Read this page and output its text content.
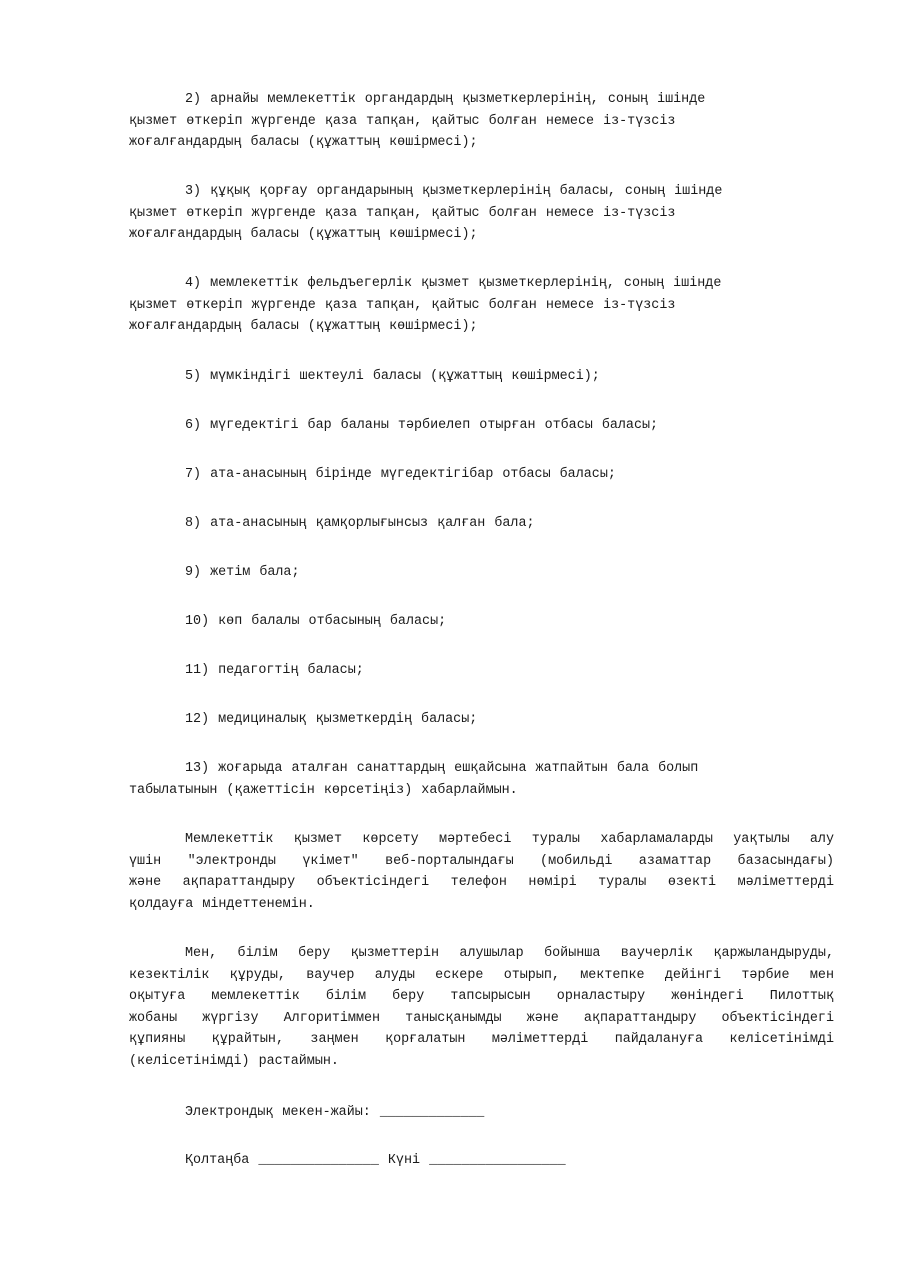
2) арнайы мемлекеттік органдардың қызметкерлерінің, соның ішінде
қызмет өткеріп жүргенде қаза тапқан, қайтыс болған немесе із-түзсіз
жоғалғандардың баласы (құжаттың көшірмесі);
3) құқық қорғау органдарының қызметкерлерінің баласы, соның ішінде
қызмет өткеріп жүргенде қаза тапқан, қайтыс болған немесе із-түзсіз
жоғалғандардың баласы (құжаттың көшірмесі);
4) мемлекеттік фельдъегерлік қызмет қызметкерлерінің, соның ішінде
қызмет өткеріп жүргенде қаза тапқан, қайтыс болған немесе із-түзсіз
жоғалғандардың баласы (құжаттың көшірмесі);
5) мүмкіндігі шектеулі баласы (құжаттың көшірмесі);
6) мүгедектігі бар баланы тәрбиелеп отырған отбасы баласы;
7) ата-анасының бірінде мүгедектігібар отбасы баласы;
8) ата-анасының қамқорлығынсыз қалған бала;
9) жетім бала;
10) көп балалы отбасының баласы;
11) педагогтің баласы;
12) медициналық қызметкердің баласы;
13) жоғарыда аталған санаттардың ешқайсына жатпайтын бала болып
табылатынын (қажеттісін көрсетіңіз) хабарлаймын.
Мемлекеттік қызмет көрсету мәртебесі туралы хабарламаларды уақтылы алу
үшін "электронды үкімет" веб-порталындағы (мобильді азаматтар базасындағы)
және ақпараттандыру объектісіндегі телефон нөмірі туралы өзекті мәліметтерді
қолдауға міндеттенемін.
Мен, білім беру қызметтерін алушылар бойынша ваучерлік қаржыландыруды,
кезектілік құруды, ваучер алуды ескере отырып, мектепке дейінгі тәрбие мен
оқытуға мемлекеттік білім беру тапсырысын орналастыру жөніндегі Пилоттық
жобаны жүргізу Алгоритіммен танысқанымды және ақпараттандыру объектісіндегі
құпияны құрайтын, заңмен қорғалатын мәліметтерді пайдалануға келісетінімді
(келісетінімді) растаймын.
Электрондық мекен-жайы: _____________
Қолтаңба _______________ Күні _________________
